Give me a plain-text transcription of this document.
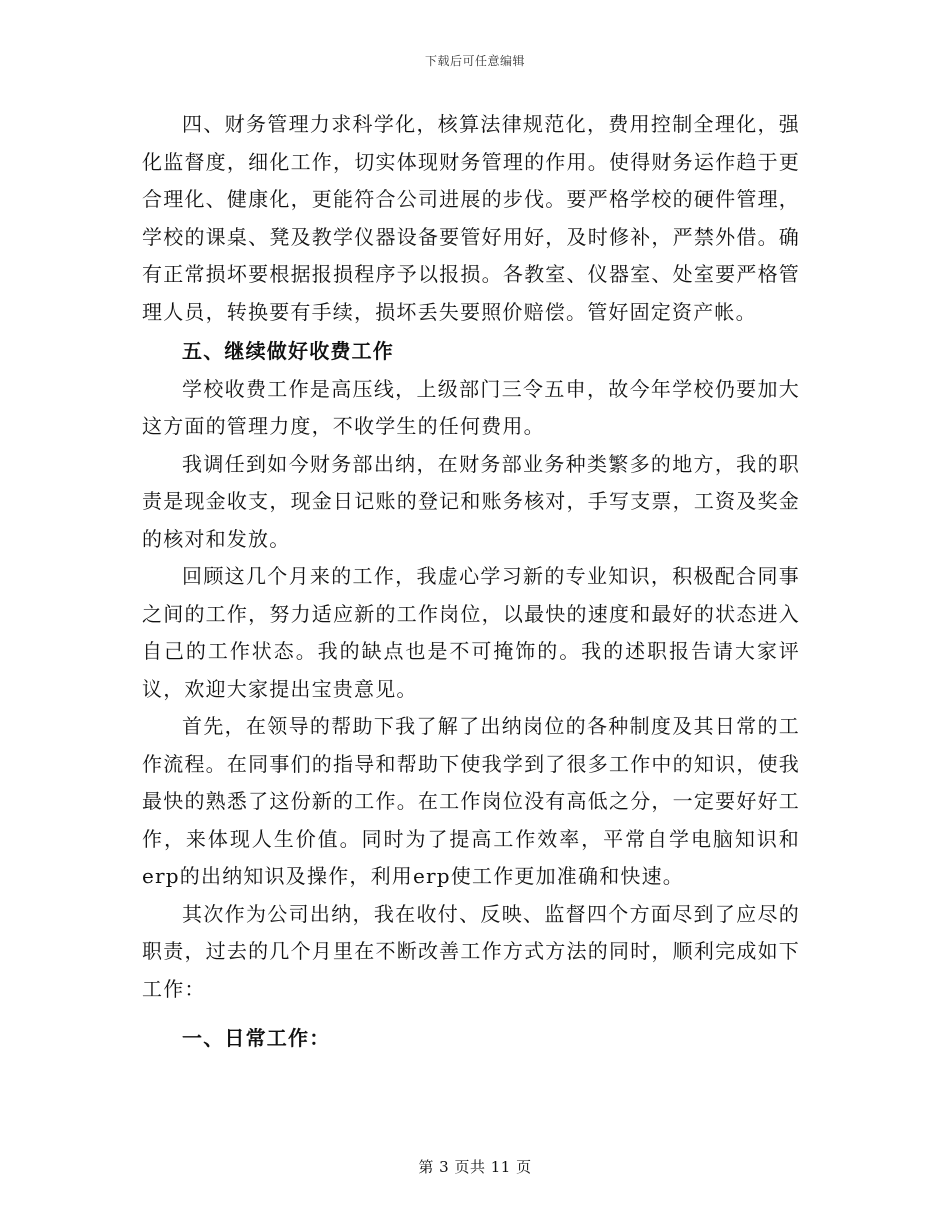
下载后可任意编辑

四、财务管理力求科学化，核算法律规范化，费用控制全理化，强化监督度，细化工作，切实体现财务管理的作用。使得财务运作趋于更合理化、健康化，更能符合公司进展的步伐。要严格学校的硬件管理，学校的课桌、凳及教学仪器设备要管好用好，及时修补，严禁外借。确有正常损坏要根据报损程序予以报损。各教室、仪器室、处室要严格管理人员，转换要有手续，损坏丢失要照价赔偿。管好固定资产帐。

五、继续做好收费工作

学校收费工作是高压线，上级部门三令五申，故今年学校仍要加大这方面的管理力度，不收学生的任何费用。

我调任到如今财务部出纳，在财务部业务种类繁多的地方，我的职责是现金收支，现金日记账的登记和账务核对，手写支票，工资及奖金的核对和发放。

回顾这几个月来的工作，我虚心学习新的专业知识，积极配合同事之间的工作，努力适应新的工作岗位，以最快的速度和最好的状态进入自己的工作状态。我的缺点也是不可掩饰的。我的述职报告请大家评议，欢迎大家提出宝贵意见。

首先，在领导的帮助下我了解了出纳岗位的各种制度及其日常的工作流程。在同事们的指导和帮助下使我学到了很多工作中的知识，使我最快的熟悉了这份新的工作。在工作岗位没有高低之分，一定要好好工作，来体现人生价值。同时为了提高工作效率，平常自学电脑知识和erp的出纳知识及操作，利用erp使工作更加准确和快速。

其次作为公司出纳，我在收付、反映、监督四个方面尽到了应尽的职责，过去的几个月里在不断改善工作方式方法的同时，顺利完成如下工作：

一、日常工作：
第 3 页共 11 页
